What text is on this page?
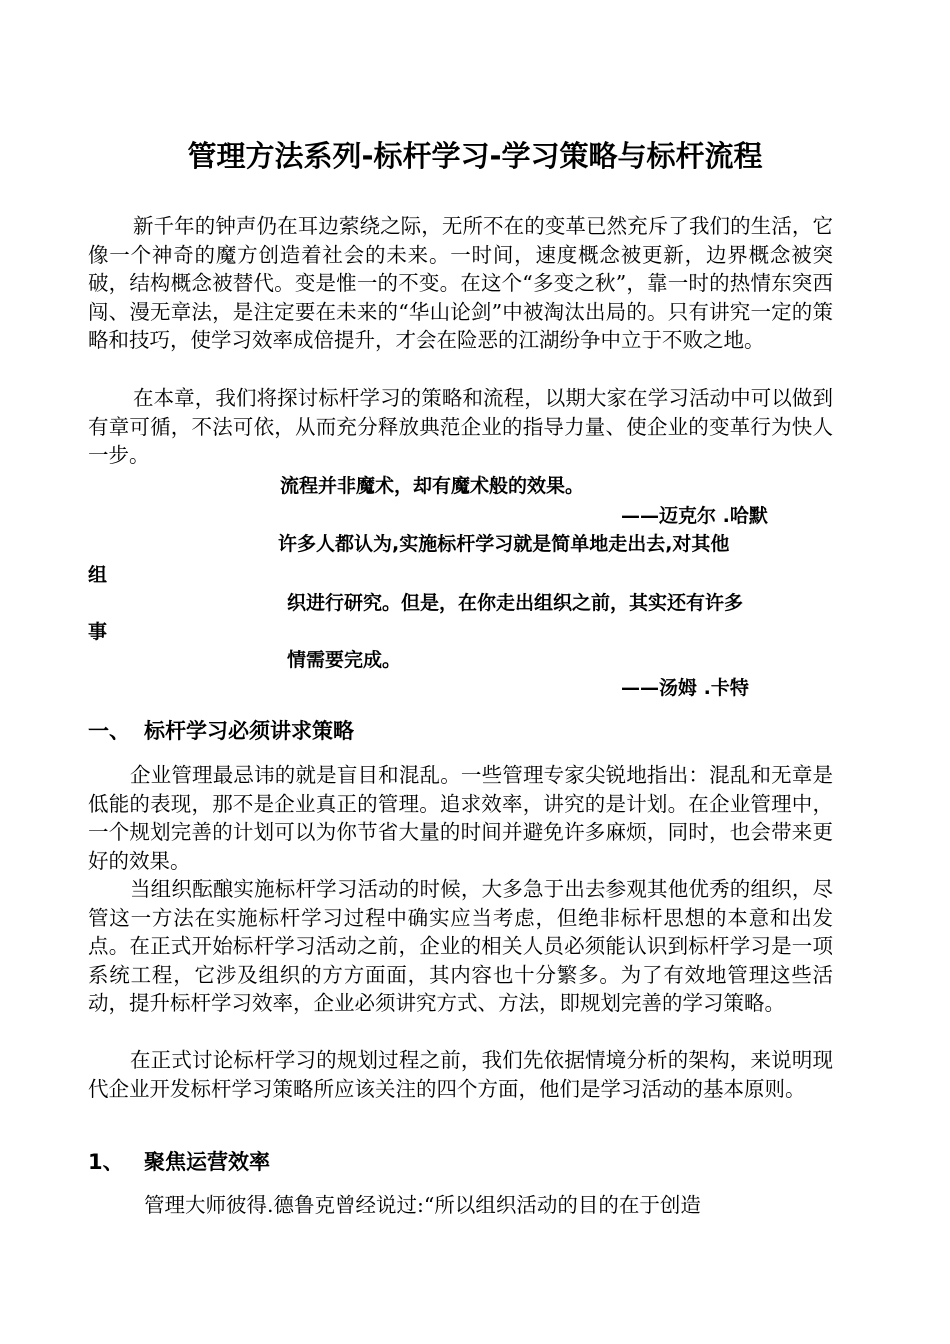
管理方法系列-标杆学习-学习策略与标杆流程

新千年的钟声仍在耳边萦绕之际，无所不在的变革已然充斥了我们的生活，它像一个神奇的魔方创造着社会的未来。一时间，速度概念被更新，边界概念被突破，结构概念被替代。变是惟一的不变。在这个“多变之秋”，靠一时的热情东突西闯、漫无章法，是注定要在未来的“华山论剑”中被淘汰出局的。只有讲究一定的策略和技巧，使学习效率成倍提升，才会在险恶的江湖纷争中立于不败之地。

在本章，我们将探讨标杆学习的策略和流程，以期大家在学习活动中可以做到有章可循，不法可依，从而充分释放典范企业的指导力量、使企业的变革行为快人一步。

流程并非魔术，却有魔术般的效果。
——迈克尔 .哈默
许多人都认为,实施标杆学习就是简单地走出去,对其他
组
织进行研究。但是，在你走出组织之前，其实还有许多
事
情需要完成。
——汤姆 .卡特
一、 标杆学习必须讲求策略

企业管理最忌讳的就是盲目和混乱。一些管理专家尖锐地指出：混乱和无章是低能的表现，那不是企业真正的管理。追求效率，讲究的是计划。在企业管理中，一个规划完善的计划可以为你节省大量的时间并避免许多麻烦，同时，也会带来更好的效果。

当组织酝酿实施标杆学习活动的时候，大多急于出去参观其他优秀的组织，尽管这一方法在实施标杆学习过程中确实应当考虑，但绝非标杆思想的本意和出发点。在正式开始标杆学习活动之前，企业的相关人员必须能认识到标杆学习是一项系统工程，它涉及组织的方方面面，其内容也十分繁多。为了有效地管理这些活动，提升标杆学习效率，企业必须讲究方式、方法，即规划完善的学习策略。

在正式讨论标杆学习的规划过程之前，我们先依据情境分析的架构，来说明现代企业开发标杆学习策略所应该关注的四个方面，他们是学习活动的基本原则。

1、 聚焦运营效率

管理大师彼得.德鲁克曾经说过:“所以组织活动的目的在于创造
